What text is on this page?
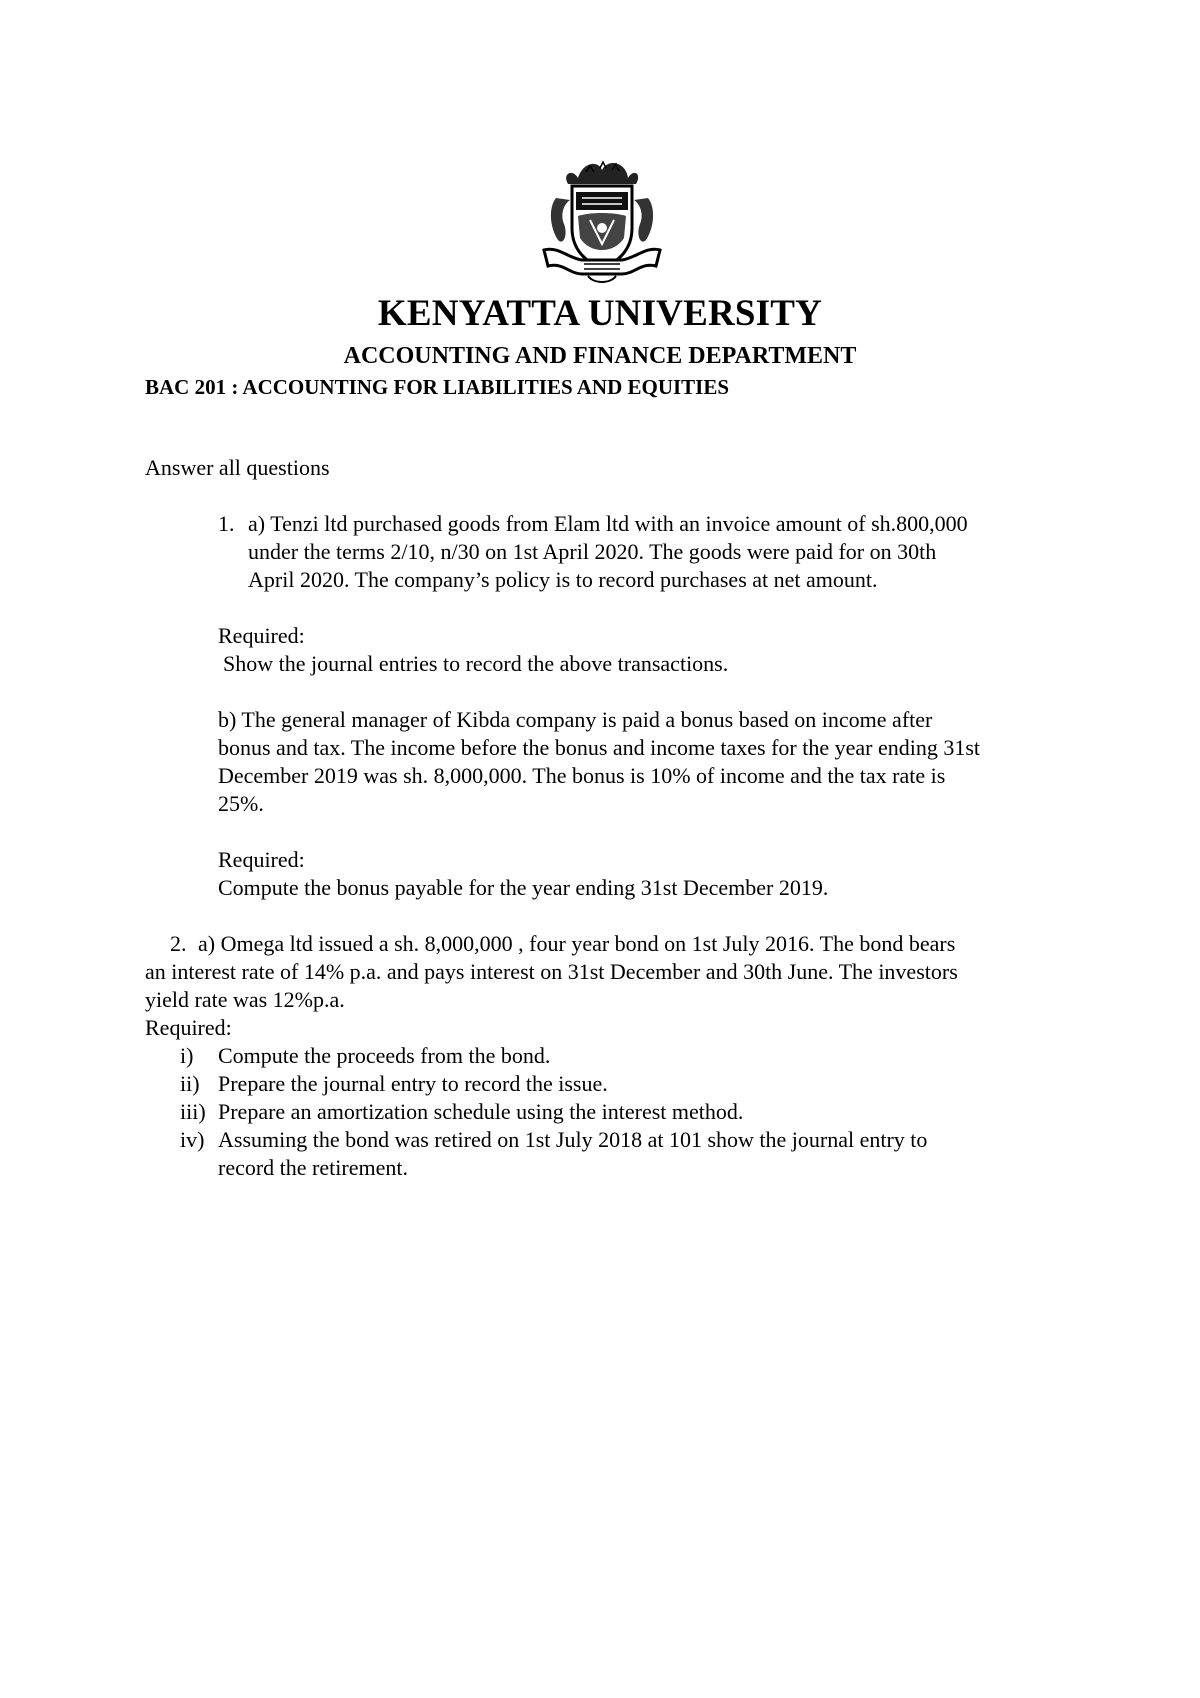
KENYATTA UNIVERSITY
ACCOUNTING AND FINANCE DEPARTMENT
BAC 201 : ACCOUNTING FOR LIABILITIES AND EQUITIES
Answer all questions
1. a) Tenzi ltd purchased goods from Elam ltd with an invoice amount of sh.800,000
under the terms 2/10, n/30 on 1st April 2020. The goods were paid for on 30th
April 2020. The company’s policy is to record purchases at net amount.
Required:
Show the journal entries to record the above transactions.
b) The general manager of Kibda company is paid a bonus based on income after
bonus and tax. The income before the bonus and income taxes for the year ending 31st
December 2019 was sh. 8,000,000. The bonus is 10% of income and the tax rate is
25%.
Required:
Compute the bonus payable for the year ending 31st December 2019.
2. a) Omega ltd issued a sh. 8,000,000 , four year bond on 1st July 2016. The bond bears
an interest rate of 14% p.a. and pays interest on 31st December and 30th June. The investors
yield rate was 12%p.a.
Required:
i) Compute the proceeds from the bond.
ii) Prepare the journal entry to record the issue.
iii) Prepare an amortization schedule using the interest method.
iv) Assuming the bond was retired on 1st July 2018 at 101 show the journal entry to
record the retirement.
